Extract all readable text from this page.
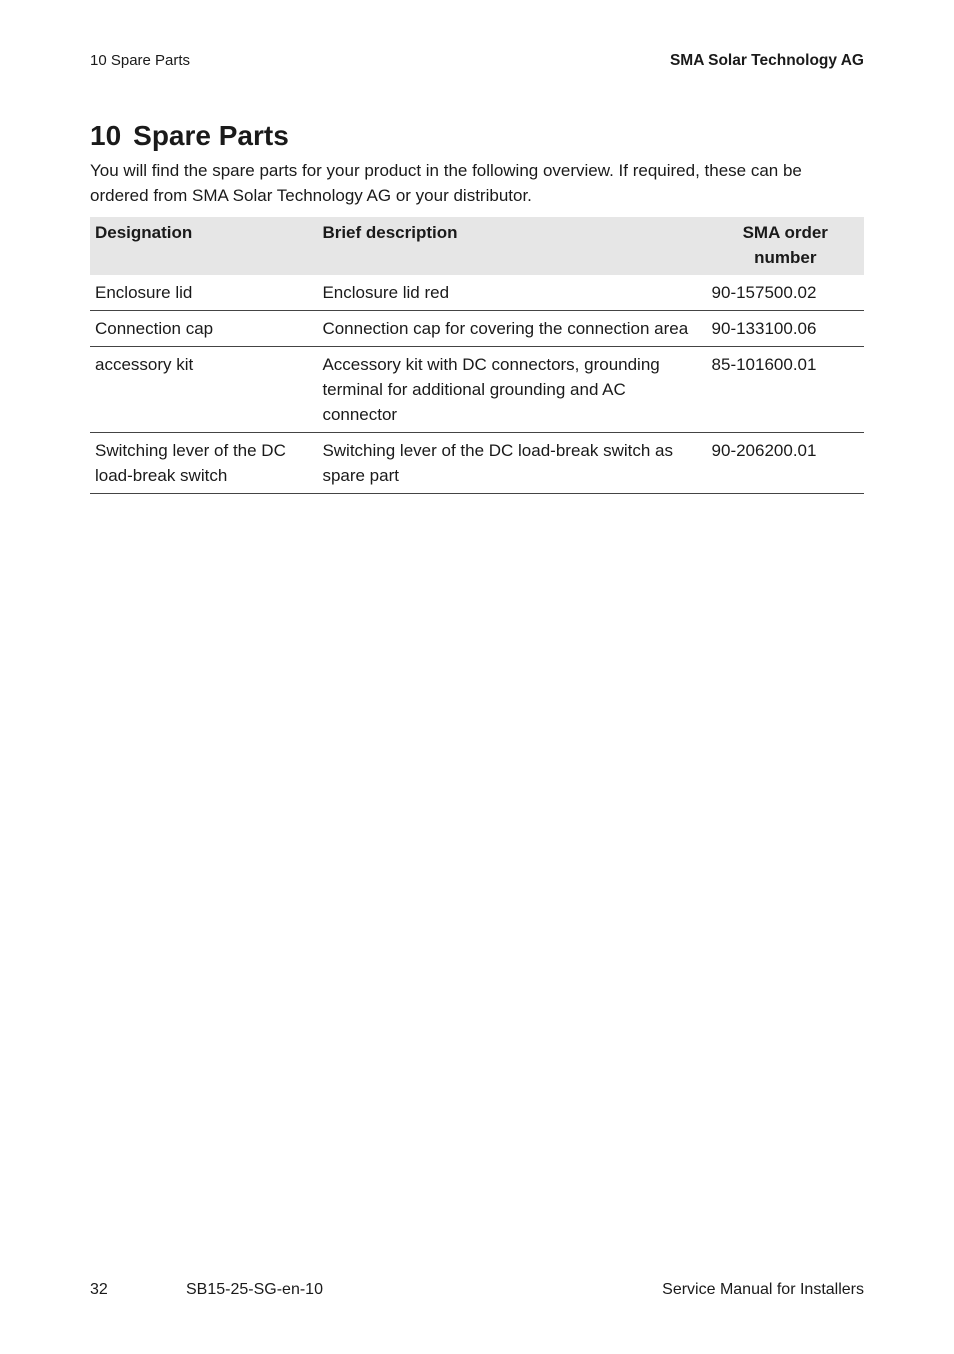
10 Spare Parts	SMA Solar Technology AG
10 Spare Parts

You will find the spare parts for your product in the following overview. If required, these can be ordered from SMA Solar Technology AG or your distributor.

Designation	Brief description	SMA order number
Enclosure lid	Enclosure lid red	90-157500.02
Connection cap	Connection cap for covering the connection area	90-133100.06
accessory kit	Accessory kit with DC connectors, grounding terminal for additional grounding and AC connector	85-101600.01
Switching lever of the DC load-break switch	Switching lever of the DC load-break switch as spare part	90-206200.01
32	SB15-25-SG-en-10	Service Manual for Installers
